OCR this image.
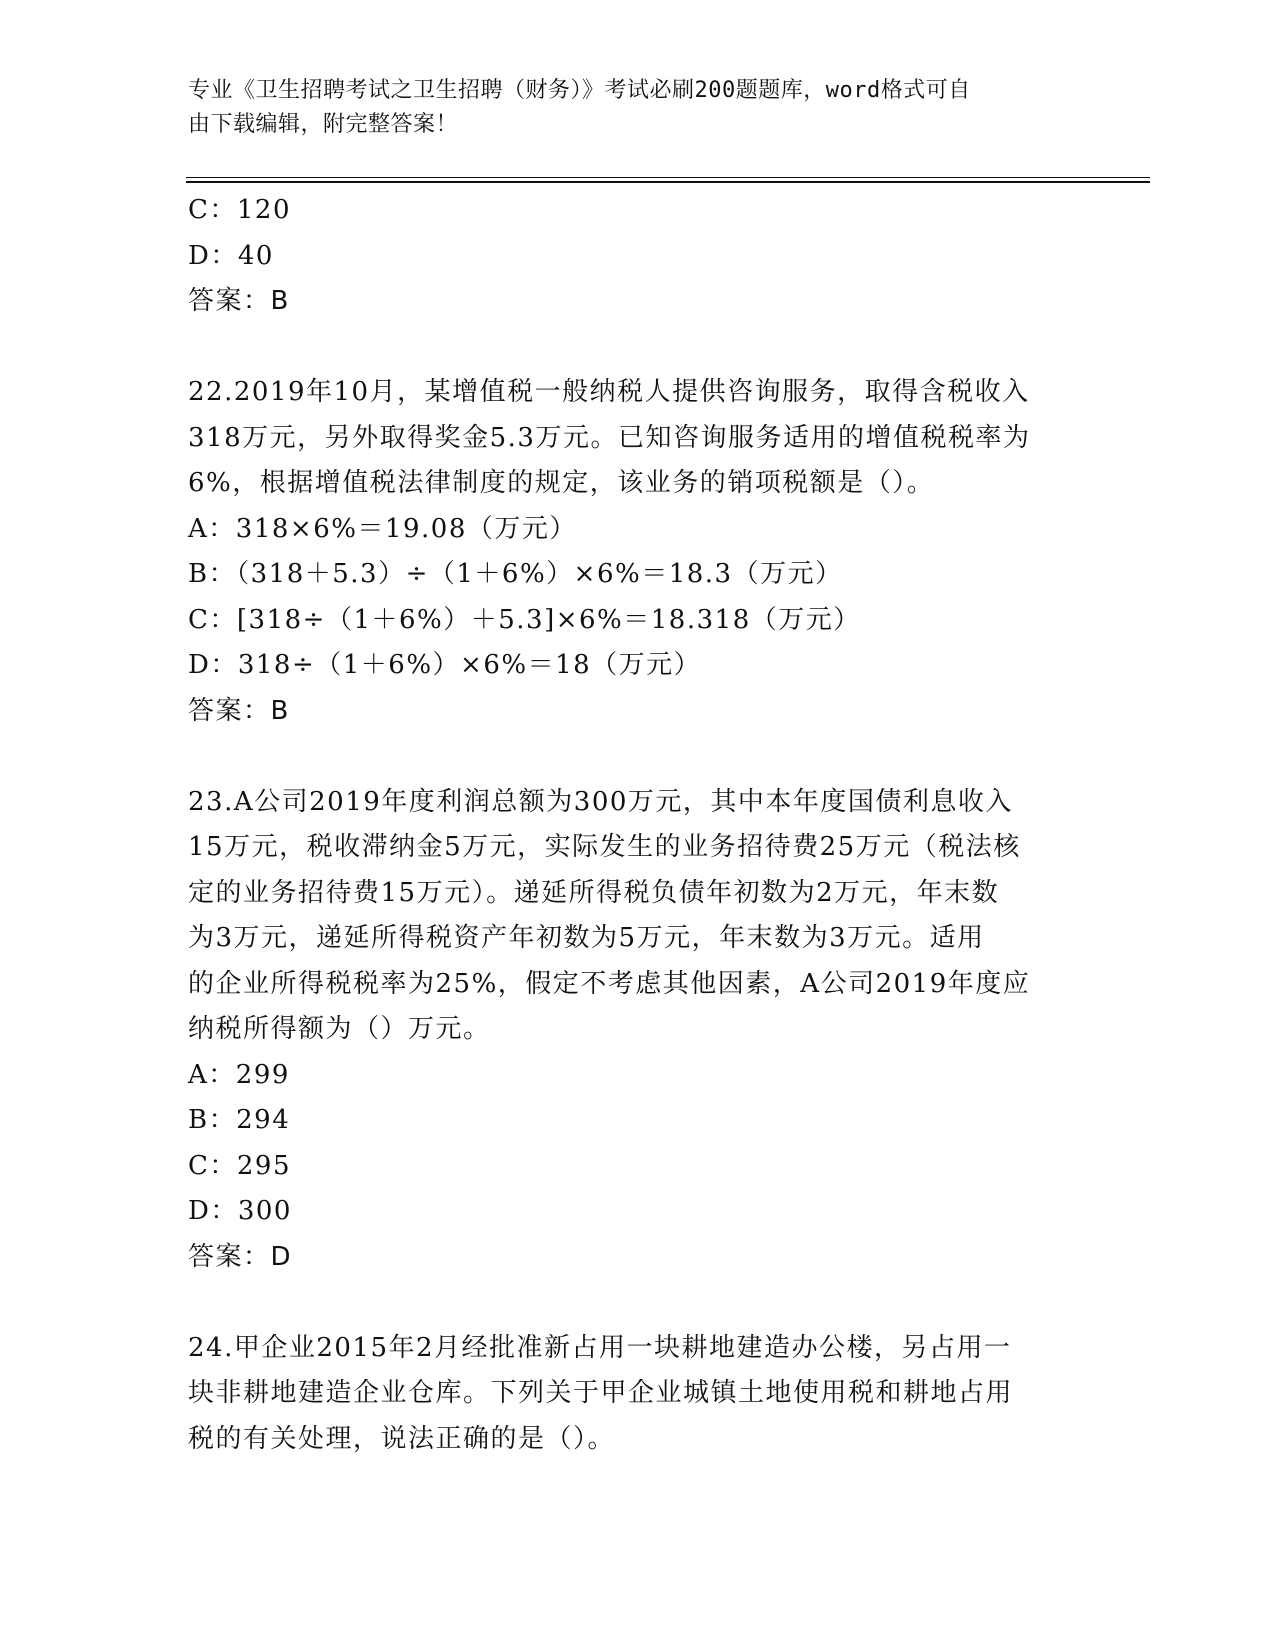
专业《卫生招聘考试之卫生招聘（财务）》考试必刷200题题库，word格式可自
由下载编辑，附完整答案！
C：120
D：40
答案：B
22.2019年10月，某增值税一般纳税人提供咨询服务，取得含税收入
318万元，另外取得奖金5.3万元。已知咨询服务适用的增值税税率为
6%，根据增值税法律制度的规定，该业务的销项税额是（）。
A：318×6%＝19.08（万元）
B：（318＋5.3）÷（1＋6%）×6%＝18.3（万元）
C：[318÷（1＋6%）＋5.3]×6%＝18.318（万元）
D：318÷（1＋6%）×6%＝18（万元）
答案：B
23.A公司2019年度利润总额为300万元，其中本年度国债利息收入
15万元，税收滞纳金5万元，实际发生的业务招待费25万元（税法核
定的业务招待费15万元）。递延所得税负债年初数为2万元，年末数
为3万元，递延所得税资产年初数为5万元，年末数为3万元。适用
的企业所得税税率为25%，假定不考虑其他因素，A公司2019年度应
纳税所得额为（）万元。
A：299
B：294
C：295
D：300
答案：D
24.甲企业2015年2月经批准新占用一块耕地建造办公楼，另占用一
块非耕地建造企业仓库。下列关于甲企业城镇土地使用税和耕地占用
税的有关处理，说法正确的是（）。
